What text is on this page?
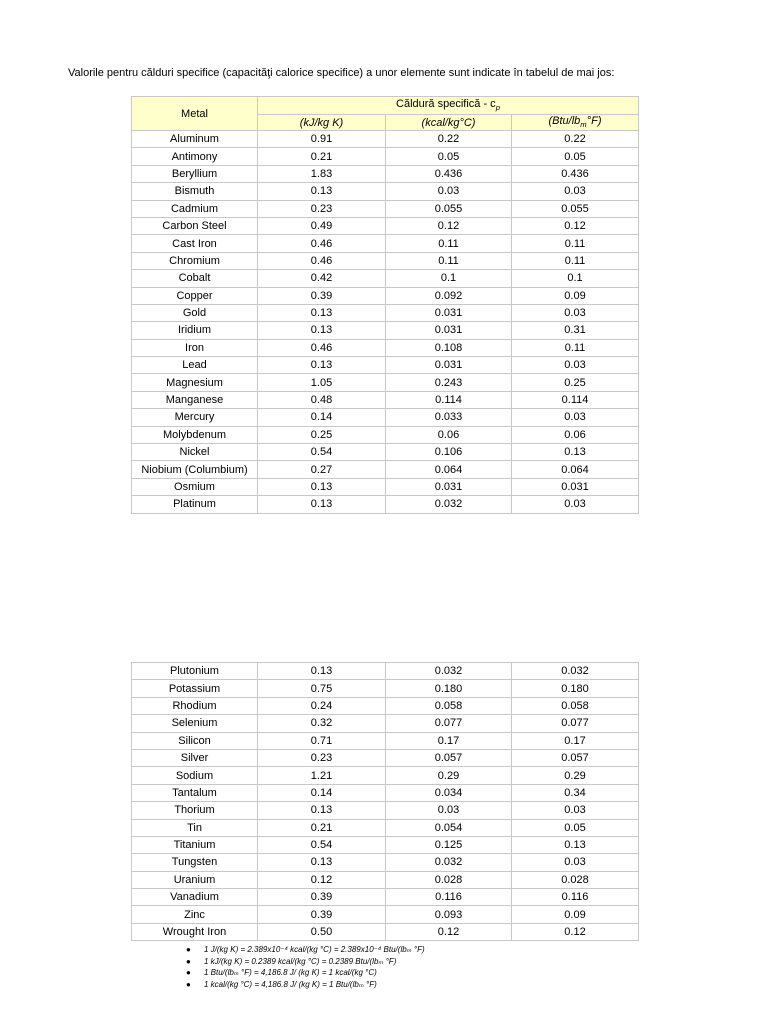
Valorile pentru călduri specifice (capacităţi calorice specifice) a unor elemente sunt indicate în tabelul de mai jos:
Metal	Căldură specifică - $c_p$
	(kJ/kg K)	(kcal/kg°C)	$(Btu/lb_m^\circ F)$
Aluminum	0.91	0.22	0.22
Antimony	0.21	0.05	0.05
Beryllium	1.83	0.436	0.436
Bismuth	0.13	0.03	0.03
Cadmium	0.23	0.055	0.055
Carbon Steel	0.49	0.12	0.12
Cast Iron	0.46	0.11	0.11
Chromium	0.46	0.11	0.11
Cobalt	0.42	0.1	0.1
Copper	0.39	0.092	0.09
Gold	0.13	0.031	0.03
Iridium	0.13	0.031	0.31
Iron	0.46	0.108	0.11
Lead	0.13	0.031	0.03
Magnesium	1.05	0.243	0.25
Manganese	0.48	0.114	0.114
Mercury	0.14	0.033	0.03
Molybdenum	0.25	0.06	0.06
Nickel	0.54	0.106	0.13
Niobium (Columbium)	0.27	0.064	0.064
Osmium	0.13	0.031	0.031
Platinum	0.13	0.032	0.03
Plutonium	0.13	0.032	0.032
Potassium	0.75	0.180	0.180
Rhodium	0.24	0.058	0.058
Selenium	0.32	0.077	0.077
Silicon	0.71	0.17	0.17
Silver	0.23	0.057	0.057
Sodium	1.21	0.29	0.29
Tantalum	0.14	0.034	0.34
Thorium	0.13	0.03	0.03
Tin	0.21	0.054	0.05
Titanium	0.54	0.125	0.13
Tungsten	0.13	0.032	0.03
Uranium	0.12	0.028	0.028
Vanadium	0.39	0.116	0.116
Zinc	0.39	0.093	0.09
Wrought Iron	0.50	0.12	0.12
● 1 J/(kg K) = 2.389x10⁻⁴ kcal/(kg °C) = 2.389x10⁻⁴ Btu/(lbₘ °F)
● 1 kJ/(kg K) = 0.2389 kcal/(kg °C) = 0.2389 Btu/(lbₘ °F)
● 1 Btu/(lbₘ °F) = 4,186.8 J/ (kg K) = 1 kcal/(kg °C)
● 1 kcal/(kg °C) = 4,186.8 J/ (kg K) = 1 Btu/(lbₘ °F)
